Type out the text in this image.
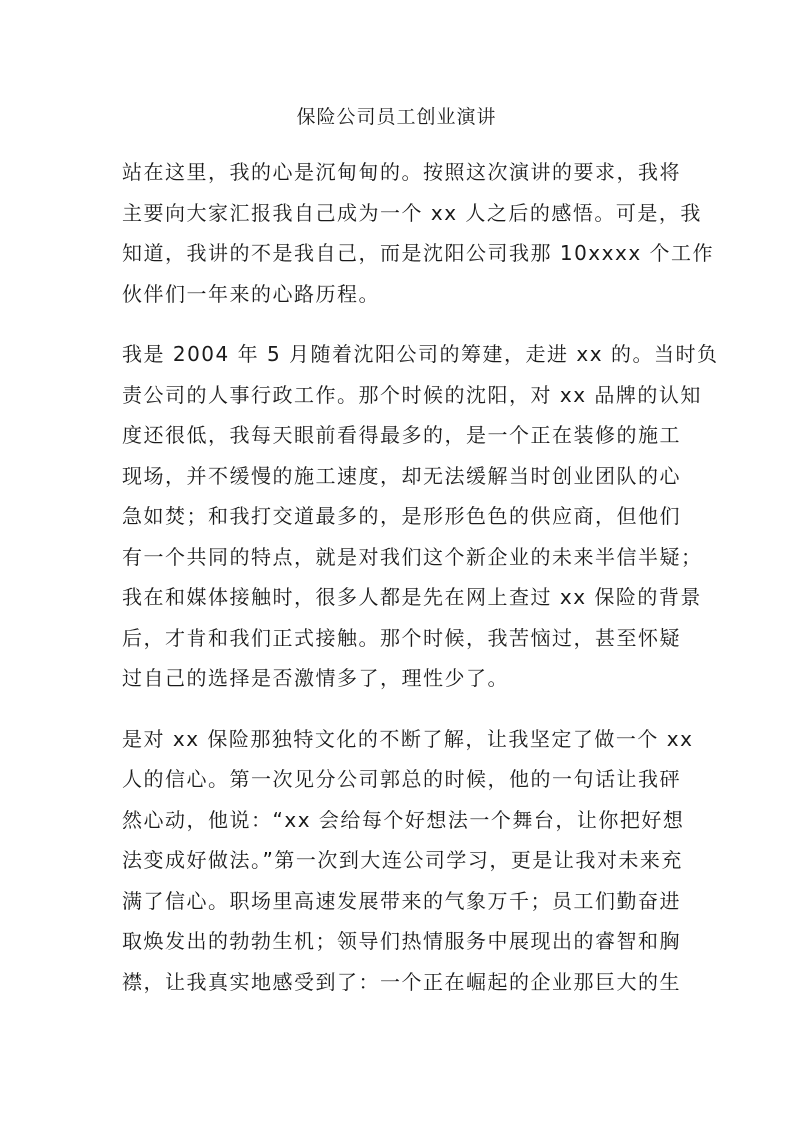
保险公司员工创业演讲
站在这里，我的心是沉甸甸的。按照这次演讲的要求，我将
主要向大家汇报我自己成为一个 xx 人之后的感悟。可是，我
知道，我讲的不是我自己，而是沈阳公司我那 10xxxx 个工作
伙伴们一年来的心路历程。
我是 2004 年 5 月随着沈阳公司的筹建，走进 xx 的。当时负
责公司的人事行政工作。那个时候的沈阳，对 xx 品牌的认知
度还很低，我每天眼前看得最多的，是一个正在装修的施工
现场，并不缓慢的施工速度，却无法缓解当时创业团队的心
急如焚；和我打交道最多的，是形形色色的供应商，但他们
有一个共同的特点，就是对我们这个新企业的未来半信半疑；
我在和媒体接触时，很多人都是先在网上查过 xx 保险的背景
后，才肯和我们正式接触。那个时候，我苦恼过，甚至怀疑
过自己的选择是否激情多了，理性少了。
是对 xx 保险那独特文化的不断了解，让我坚定了做一个 xx
人的信心。第一次见分公司郭总的时候，他的一句话让我砰
然心动，他说：“xx 会给每个好想法一个舞台，让你把好想
法变成好做法。”第一次到大连公司学习，更是让我对未来充
满了信心。职场里高速发展带来的气象万千；员工们勤奋进
取焕发出的勃勃生机；领导们热情服务中展现出的睿智和胸
襟，让我真实地感受到了：一个正在崛起的企业那巨大的生
